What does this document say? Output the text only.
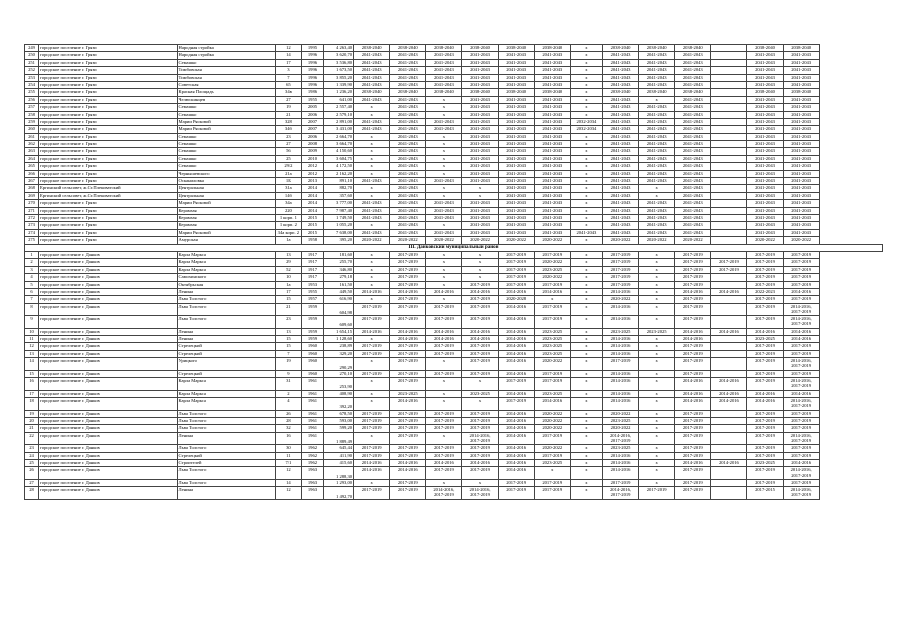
249	городское поселение г. Грязи	Народная стройка	12	1995	4 263,40	2038-2040	2038-2040	2038-2040	2038-2040	2038-2040	2038-2040	x	2038-2040	2038-2040	2038-2040		2038-2040	2038-2040
250	городское поселение г. Грязи	Народная стройка	14	1996	3 620,70	2041-2043	2041-2043	2041-2043	2041-2043	2041-2043	2041-2043	x	2041-2043	2041-2043	2041-2043		2041-2043	2041-2043
251	городское поселение г. Грязи	Семашко	17	1996	3 536,80	2041-2043	2041-2043	2041-2043	2041-2043	2041-2043	2041-2043	x	2041-2043	2041-2043	2041-2043		2041-2043	2041-2043
252	городское поселение г. Грязи	Тимбовская	3	1996	1 673,50	2041-2043	2041-2043	2041-2043	2041-2043	2041-2043	2041-2043	x	2041-2043	2041-2043	2041-2043		2041-2043	2041-2043
253	городское поселение г. Грязи	Тимбовская	7	1996	3 855,20	2041-2043	2041-2043	2041-2043	2041-2043	2041-2043	2041-2043	x	2041-2043	2041-2043	2041-2043		2041-2043	2041-2043
254	городское поселение г. Грязи	Советская	65	1996	1 339,90	2041-2043	2041-2043	2041-2043	2041-2043	2041-2043	2041-2043	x	2041-2043	2041-2043	2041-2043		2041-2043	2041-2043
255	городское поселение г. Грязи	Красная Площадь	34в	1986	1 236,20	2038-2040	2038-2040	2038-2040	2038-2040	2038-2040	2038-2040	x	2038-2040	2038-2040	2038-2040		2038-2040	2038-2040
256	городское поселение г. Грязи	Челюскинцев	27	1955	641,00	2041-2043	2041-2043	x	2041-2043	2041-2043	2041-2043	x	2041-2043	x	2041-2043		2041-2043	2041-2043
257	городское поселение г. Грязи	Семашко	19	2005	2 557,40	x	2041-2043	x	2041-2043	2041-2043	2041-2043	x	2041-2043	2041-2043	2041-2043		2041-2043	2041-2043
258	городское поселение г. Грязи	Семашко	21	2006	2 579,10	x	2041-2043	x	2041-2043	2041-2043	2041-2043	x	2041-2043	2041-2043	2041-2043		2041-2043	2041-2043
259	городское поселение г. Грязи	Марии Рясковой	328	2007	2 891,00	2041-2043	2041-2043	2041-2043	2041-2043	2041-2043	2041-2043	2032-2034	2041-2043	2041-2043	2041-2043		2041-2043	2041-2043
260	городское поселение г. Грязи	Марии Рясковой	34б	2007	3 431,00	2041-2043	2041-2043	2041-2043	2041-2043	2041-2043	2041-2043	2032-2034	2041-2043	2041-2043	2041-2043		2041-2043	2041-2043
261	городское поселение г. Грязи	Семашко	23	2006	2 664,70	x	2041-2043	x	2041-2043	2041-2043	2041-2043	x	2041-2043	2041-2043	2041-2043		2041-2043	2041-2043
262	городское поселение г. Грязи	Семашко	27	2008	3 664,70	x	2041-2043	x	2041-2043	2041-2043	2041-2043	x	2041-2043	2041-2043	2041-2043		2041-2043	2041-2043
263	городское поселение г. Грязи	Семашко	56	2009	4 150,60	x	2041-2043	x	2041-2043	2041-2043	2041-2043	x	2041-2043	2041-2043	2041-2043		2041-2043	2041-2043
264	городское поселение г. Грязи	Семашко	25	2010	3 604,75	x	2041-2043	x	2041-2043	2041-2043	2041-2043	x	2041-2043	2041-2043	2041-2043		2041-2043	2041-2043
265	городское поселение г. Грязи	Семашко	29/2	2012	4 172,50	x	2041-2043	x	2041-2043	2041-2043	2041-2043	x	2041-2043	2041-2043	2041-2043		2041-2043	2041-2043
266	городское поселение г. Грязи	Чернышевского	21а	2012	2 162,20	x	2041-2043	x	2041-2043	2041-2043	2041-2043	x	2041-2043	2041-2043	2041-2043		2041-2043	2041-2043
267	городское поселение г. Грязи	Осканиловка	1Б	2013	891,10	2041-2043	2041-2043	2041-2043	2041-2043	2041-2043	2041-2043	x	2041-2043	2041-2043	2041-2043		2041-2043	2041-2043
268	Ергинский сельсовет, ж.Ст.Плековатский	Центральная	31а	2014	882,70	x	2041-2043	x	x	2041-2043	2041-2043	x	2041-2043	x	2041-2043		2041-2043	2041-2043
269	Ергинский сельсовет, ж.Ст.Плековатский	Центральная	14б	2014	357,60	x	2041-2043	x	x	2041-2043	2041-2043	x	2041-2043	x	2041-2043		2041-2043	2041-2043
270	городское поселение г. Грязи	Марии Рясковой	34а	2014	3 777,00	2041-2043	2041-2043	2041-2043	2041-2043	2041-2043	2041-2043	x	2041-2043	2041-2043	2041-2043		2041-2043	2041-2043
271	городское поселение г. Грязи	Керамзая	220	2014	7 987,40	2041-2043	2041-2043	2041-2043	2041-2043	2041-2043	2041-2043	x	2041-2043	2041-2043	2041-2043		2041-2043	2041-2043
272	городское поселение г. Грязи	Керамзая	1 корп. 1	2015	1 749,50	2041-2043	2041-2043	2041-2043	2041-2043	2041-2043	2041-2043	x	2041-2043	2041-2043	2041-2043		2041-2043	2041-2043
273	городское поселение г. Грязи	Керамзая	1 корп. 2	2015	1 055,20	x	2041-2043	x	2041-2043	2041-2043	2041-2043	x	2041-2043	2041-2043	2041-2043		2041-2043	2041-2043
274	городское поселение г. Грязи	Марии Рясковой	34а корп. 2	2015	7 638,00	2041-2043	2041-2043	2041-2043	2041-2043	2041-2043	2041-2043	2041-2043	2041-2043	2041-2043	2041-2043		2041-2043	2041-2043
275	городское поселение г. Грязи	Амурская	1а	1958	395,20	2020-2022	2020-2022	2020-2022	2020-2022	2020-2022	2020-2022	x	2020-2022	2020-2022	2020-2022		2020-2022	2020-2022
III. Данковский муниципальный район																		
1	городское поселение г. Данков	Карла Маркса	13	1917	181,60	x	2017-2019	x	x	2017-2019	2017-2019	x	2017-2019	x	2017-2019		2017-2019	2017-2019
2	городское поселение г. Данков	Карла Маркса	29	1917	255,70	x	2017-2019	x	x	2017-2019	2020-2022	x	2017-2019	x	2017-2019	2017-2019	2017-2019	2017-2019
3	городское поселение г. Данков	Карла Маркса	52	1917	346,80	x	2017-2019	x	x	2017-2019	2023-2025	x	2017-2019	x	2017-2019	2017-2019	2017-2019	2017-2019
4	городское поселение г. Данков	Самохинского	10	1917	279,18	x	2017-2019	x	x	2017-2019	2020-2022	x	2017-2019	x	2017-2019		2017-2019	2017-2019
5	городское поселение г. Данков	Октябрьская	1а	1953	161,50	x	2017-2019	x	2017-2019	2017-2019	2017-2019	x	2017-2019	x	2017-2019		2017-2019	2017-2019
6	городское поселение г. Данков	Ленина	17	1955	449,50	2014-2016	2014-2016	2014-2016	2014-2016	2014-2016	2014-2016	x	2014-2016	x	2014-2016	2014-2016	2022-2023	2014-2016
7	городское поселение г. Данков	Льва Толстого	15	1957	616,90	x	2017-2019	x	2017-2019	2020-2028	x	x	2020-2022	x	2017-2019		2017-2019	2017-2019
8	городское поселение г. Данков	Льва Толстого	21	1959	604,98	2017-2019	2017-2019	2017-2019	2017-2019	2014-2016	2017-2019	x	2014-2016	x	2017-2019		2017-2019	2014-2016,
2017-2019
9	городское поселение г. Данков	Льва Толстого	23	1959	609,60	2017-2019	2017-2019	2017-2019	2017-2019	2014-2016	2017-2019	x	2014-2016	x	2017-2019		2017-2019	2014-2016,
2017-2019
10	городское поселение г. Данков	Ленина	13	1959	1 654,15	2014-2016	2014-2016	2014-2016	2014-2016	2014-2016	2023-2025	x	2023-2025	2023-2025	2014-2016	2014-2016	2014-2016	2014-2016
11	городское поселение г. Данков	Ленина	15	1959	1 128,60	x	2014-2016	2014-2016	2014-2016	2014-2016	2023-2025	x	2014-2016	x	2014-2016		2023-2025	2014-2016
12	городское поселение г. Данков	Стрелецкий	15	1960	238,89	2017-2019	2017-2019	2017-2019	2017-2019	2014-2016	2023-2025	x	2014-2016	x	2017-2019		2017-2019	2017-2019
13	городское поселение г. Данков	Стрелецкий	7	1960	329,20	2017-2019	2017-2019	2017-2019	2017-2019	2014-2016	2023-2025	x	2014-2016	x	2017-2019		2017-2019	2017-2019
14	городское поселение г. Данков	Урицкого	19	1960	290,29	x	2017-2019	x	2017-2019	2014-2016	2020-2022	x	2017-2019	x	2017-2019		2017-2019	2014-2016,
2017-2019
15	городское поселение г. Данков	Стрелецкий	9	1960	270,10	2017-2019	2017-2019	2017-2019	2017-2019	2014-2016	2017-2019	x	2014-2016	x	2017-2019		2017-2019	2017-2019
16	городское поселение г. Данков	Карла Маркса	31	1961	253,90	x	2017-2019	x	x	2017-2019	2017-2019	x	2014-2016	x	2014-2016	2014-2016	2017-2019	2014-2016,
2017-2019
17	городское поселение г. Данков	Карла Маркса	2	1961	408,90	x	2023-2025	x	2023-2025	2014-2016	2023-2025	x	2014-2016	x	2014-2016	2014-2016	2014-2016	2014-2016
18	городское поселение г. Данков	Карла Маркса	4	1961	392,20	x	2014-2016	x	x	2017-2019	2014-2016	x	2014-2016	x	2014-2016	2014-2016	2014-2016	2014-2016,
2017-2019
19	городское поселение г. Данков	Льва Толстого	26	1961	678,50	2017-2019	2017-2019	2017-2019	2017-2019	2014-2016	2020-2022	x	2020-2022	x	2017-2019		2017-2019	2017-2019
20	городское поселение г. Данков	Льва Толстого	28	1961	593,00	2017-2019	2017-2019	2017-2019	2017-2019	2014-2016	2020-2022	x	2023-2025	x	2017-2019		2017-2019	2017-2019
21	городское поселение г. Данков	Льва Толстого	32	1961	599,20	2017-2019	2017-2019	2017-2019	2017-2019	2014-2016	2020-2022	x	2020-2022	x	2017-2019		2017-2019	2017-2019
22	городское поселение г. Данков	Ленина	16	1961	1 889,49	x	2017-2019	x	2014-2016,
2017-2019	2014-2016	2017-2019	x	2014-2016,
2017-2019	x	2017-2019		2017-2019	2014-2016,
2017-2019
23	городское поселение г. Данков	Льва Толстого	30	1962	645,44	2017-2019	2017-2019	2017-2019	2017-2019	2014-2016	2020-2022	x	2023-2025	x	2017-2019		2017-2019	2017-2019
24	городское поселение г. Данков	Стрелецкий	11	1962	411,90	2017-2019	2017-2019	2017-2019	2017-2019	2014-2016	2017-2019	x	2014-2016	x	2017-2019		2017-2019	2017-2019
25	городское поселение г. Данков	Строителей	7/1	1962	415,60	2014-2016	2014-2016	2014-2016	2014-2016	2014-2016	2023-2025	x	2014-2016	x	2014-2016	2014-2016	2023-2025	2014-2016
26	городское поселение г. Данков	Льва Толстого	12	1963	1 288,30	2014-2016	2014-2016	2017-2019	2017-2019	2014-2016	x	x	2014-2016	x	2017-2019		2017-2019	2014-2016,
2017-2019
27	городское поселение г. Данков	Льва Толстого	14	1963	1 293,00	x	2017-2019	x	x	2017-2019	2017-2019	x	2017-2019	x	2017-2019		2017-2019	2017-2019
28	городское поселение г. Данков	Ленина	12	1963	1 492,70	2017-2019	2017-2019	2014-2016,
2017-2019	2014-2016,
2017-2019	2017-2019	2017-2019	x	2014-2016,
2017-2019	2017-2019	2017-2019		2017-2015	2014-2016,
2017-2019
